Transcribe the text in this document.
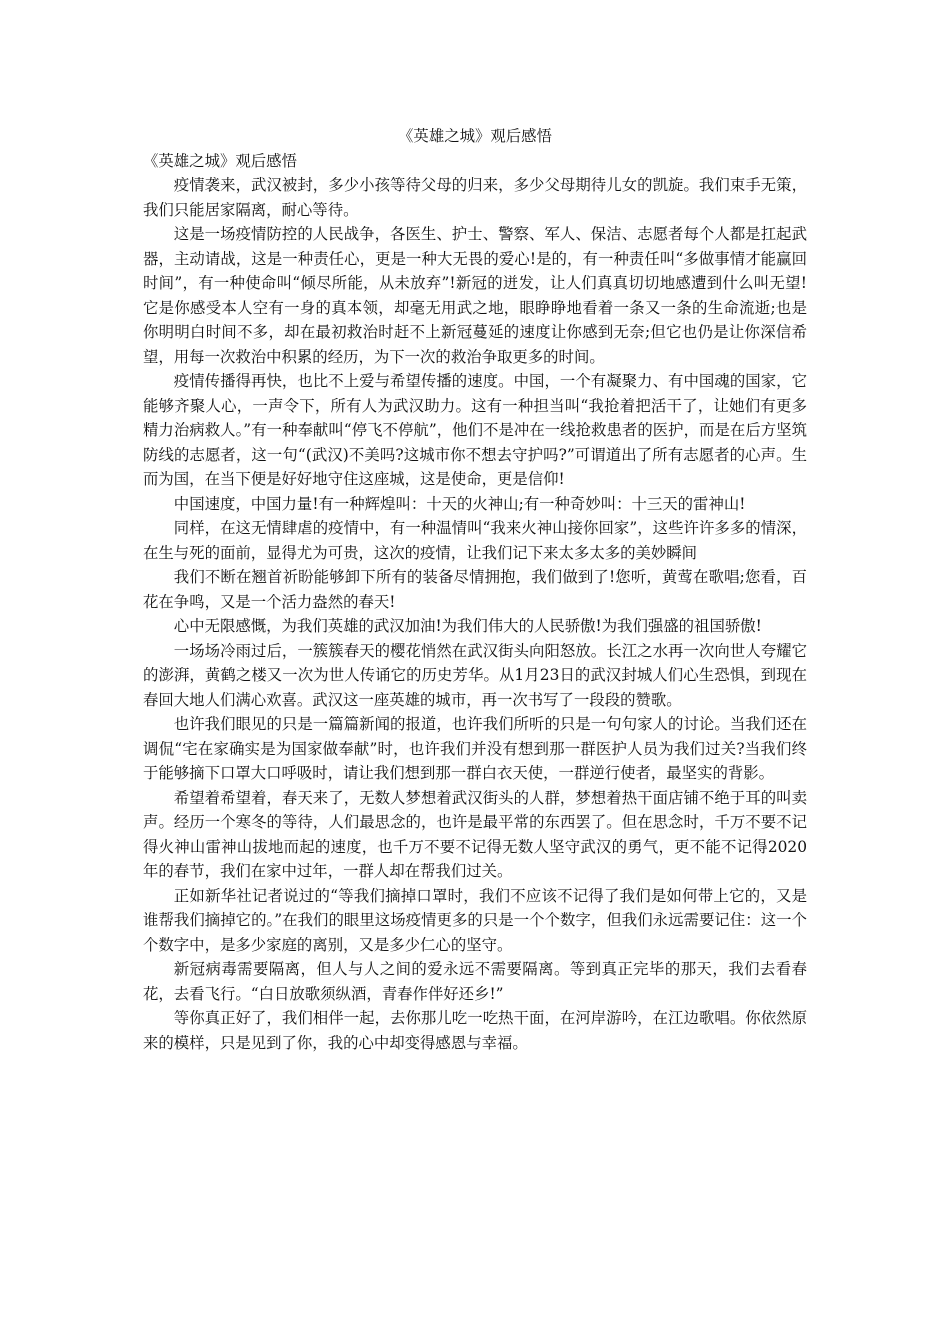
《英雄之城》观后感悟

《英雄之城》观后感悟

疫情袭来，武汉被封，多少小孩等待父母的归来，多少父母期待儿女的凯旋。我们束手无策，我们只能居家隔离，耐心等待。

这是一场疫情防控的人民战争，各医生、护士、警察、军人、保洁、志愿者每个人都是扛起武器，主动请战，这是一种责任心，更是一种大无畏的爱心!是的，有一种责任叫“多做事情才能赢回时间”，有一种使命叫“倾尽所能，从未放弃”!新冠的迸发，让人们真真切切地感遭到什么叫无望!它是你感受本人空有一身的真本领，却毫无用武之地，眼睁睁地看着一条又一条的生命流逝;也是你明明白时间不多，却在最初救治时赶不上新冠蔓延的速度让你感到无奈;但它也仍是让你深信希望，用每一次救治中积累的经历，为下一次的救治争取更多的时间。

疫情传播得再快，也比不上爱与希望传播的速度。中国，一个有凝聚力、有中国魂的国家，它能够齐聚人心，一声令下，所有人为武汉助力。这有一种担当叫“我抢着把活干了，让她们有更多精力治病救人。”有一种奉献叫“停飞不停航”，他们不是冲在一线抢救患者的医护，而是在后方坚筑防线的志愿者，这一句“(武汉)不美吗?这城市你不想去守护吗?”可谓道出了所有志愿者的心声。生而为国，在当下便是好好地守住这座城，这是使命，更是信仰!

中国速度，中国力量!有一种辉煌叫：十天的火神山;有一种奇妙叫：十三天的雷神山!

同样，在这无情肆虐的疫情中，有一种温情叫“我来火神山接你回家”，这些许许多多的情深，在生与死的面前，显得尤为可贵，这次的疫情，让我们记下来太多太多的美妙瞬间

我们不断在翘首祈盼能够卸下所有的装备尽情拥抱，我们做到了!您听，黄莺在歌唱;您看，百花在争鸣，又是一个活力盎然的春天!

心中无限感慨，为我们英雄的武汉加油!为我们伟大的人民骄傲!为我们强盛的祖国骄傲!

一场场冷雨过后，一簇簇春天的樱花悄然在武汉街头向阳怒放。长江之水再一次向世人夸耀它的澎湃，黄鹤之楼又一次为世人传诵它的历史芳华。从1月23日的武汉封城人们心生恐惧，到现在春回大地人们满心欢喜。武汉这一座英雄的城市，再一次书写了一段段的赞歌。

也许我们眼见的只是一篇篇新闻的报道，也许我们所听的只是一句句家人的讨论。当我们还在调侃“宅在家确实是为国家做奉献”时，也许我们并没有想到那一群医护人员为我们过关?当我们终于能够摘下口罩大口呼吸时，请让我们想到那一群白衣天使，一群逆行使者，最坚实的背影。

希望着希望着，春天来了，无数人梦想着武汉街头的人群，梦想着热干面店铺不绝于耳的叫卖声。经历一个寒冬的等待，人们最思念的，也许是最平常的东西罢了。但在思念时，千万不要不记得火神山雷神山拔地而起的速度，也千万不要不记得无数人坚守武汉的勇气，更不能不记得2020年的春节，我们在家中过年，一群人却在帮我们过关。

正如新华社记者说过的“等我们摘掉口罩时，我们不应该不记得了我们是如何带上它的，又是谁帮我们摘掉它的。”在我们的眼里这场疫情更多的只是一个个数字，但我们永远需要记住：这一个个数字中，是多少家庭的离别，又是多少仁心的坚守。

新冠病毒需要隔离，但人与人之间的爱永远不需要隔离。等到真正完毕的那天，我们去看春花，去看飞行。“白日放歌须纵酒，青春作伴好还乡!”

等你真正好了，我们相伴一起，去你那儿吃一吃热干面，在河岸游吟，在江边歌唱。你依然原来的模样，只是见到了你，我的心中却变得感恩与幸福。
